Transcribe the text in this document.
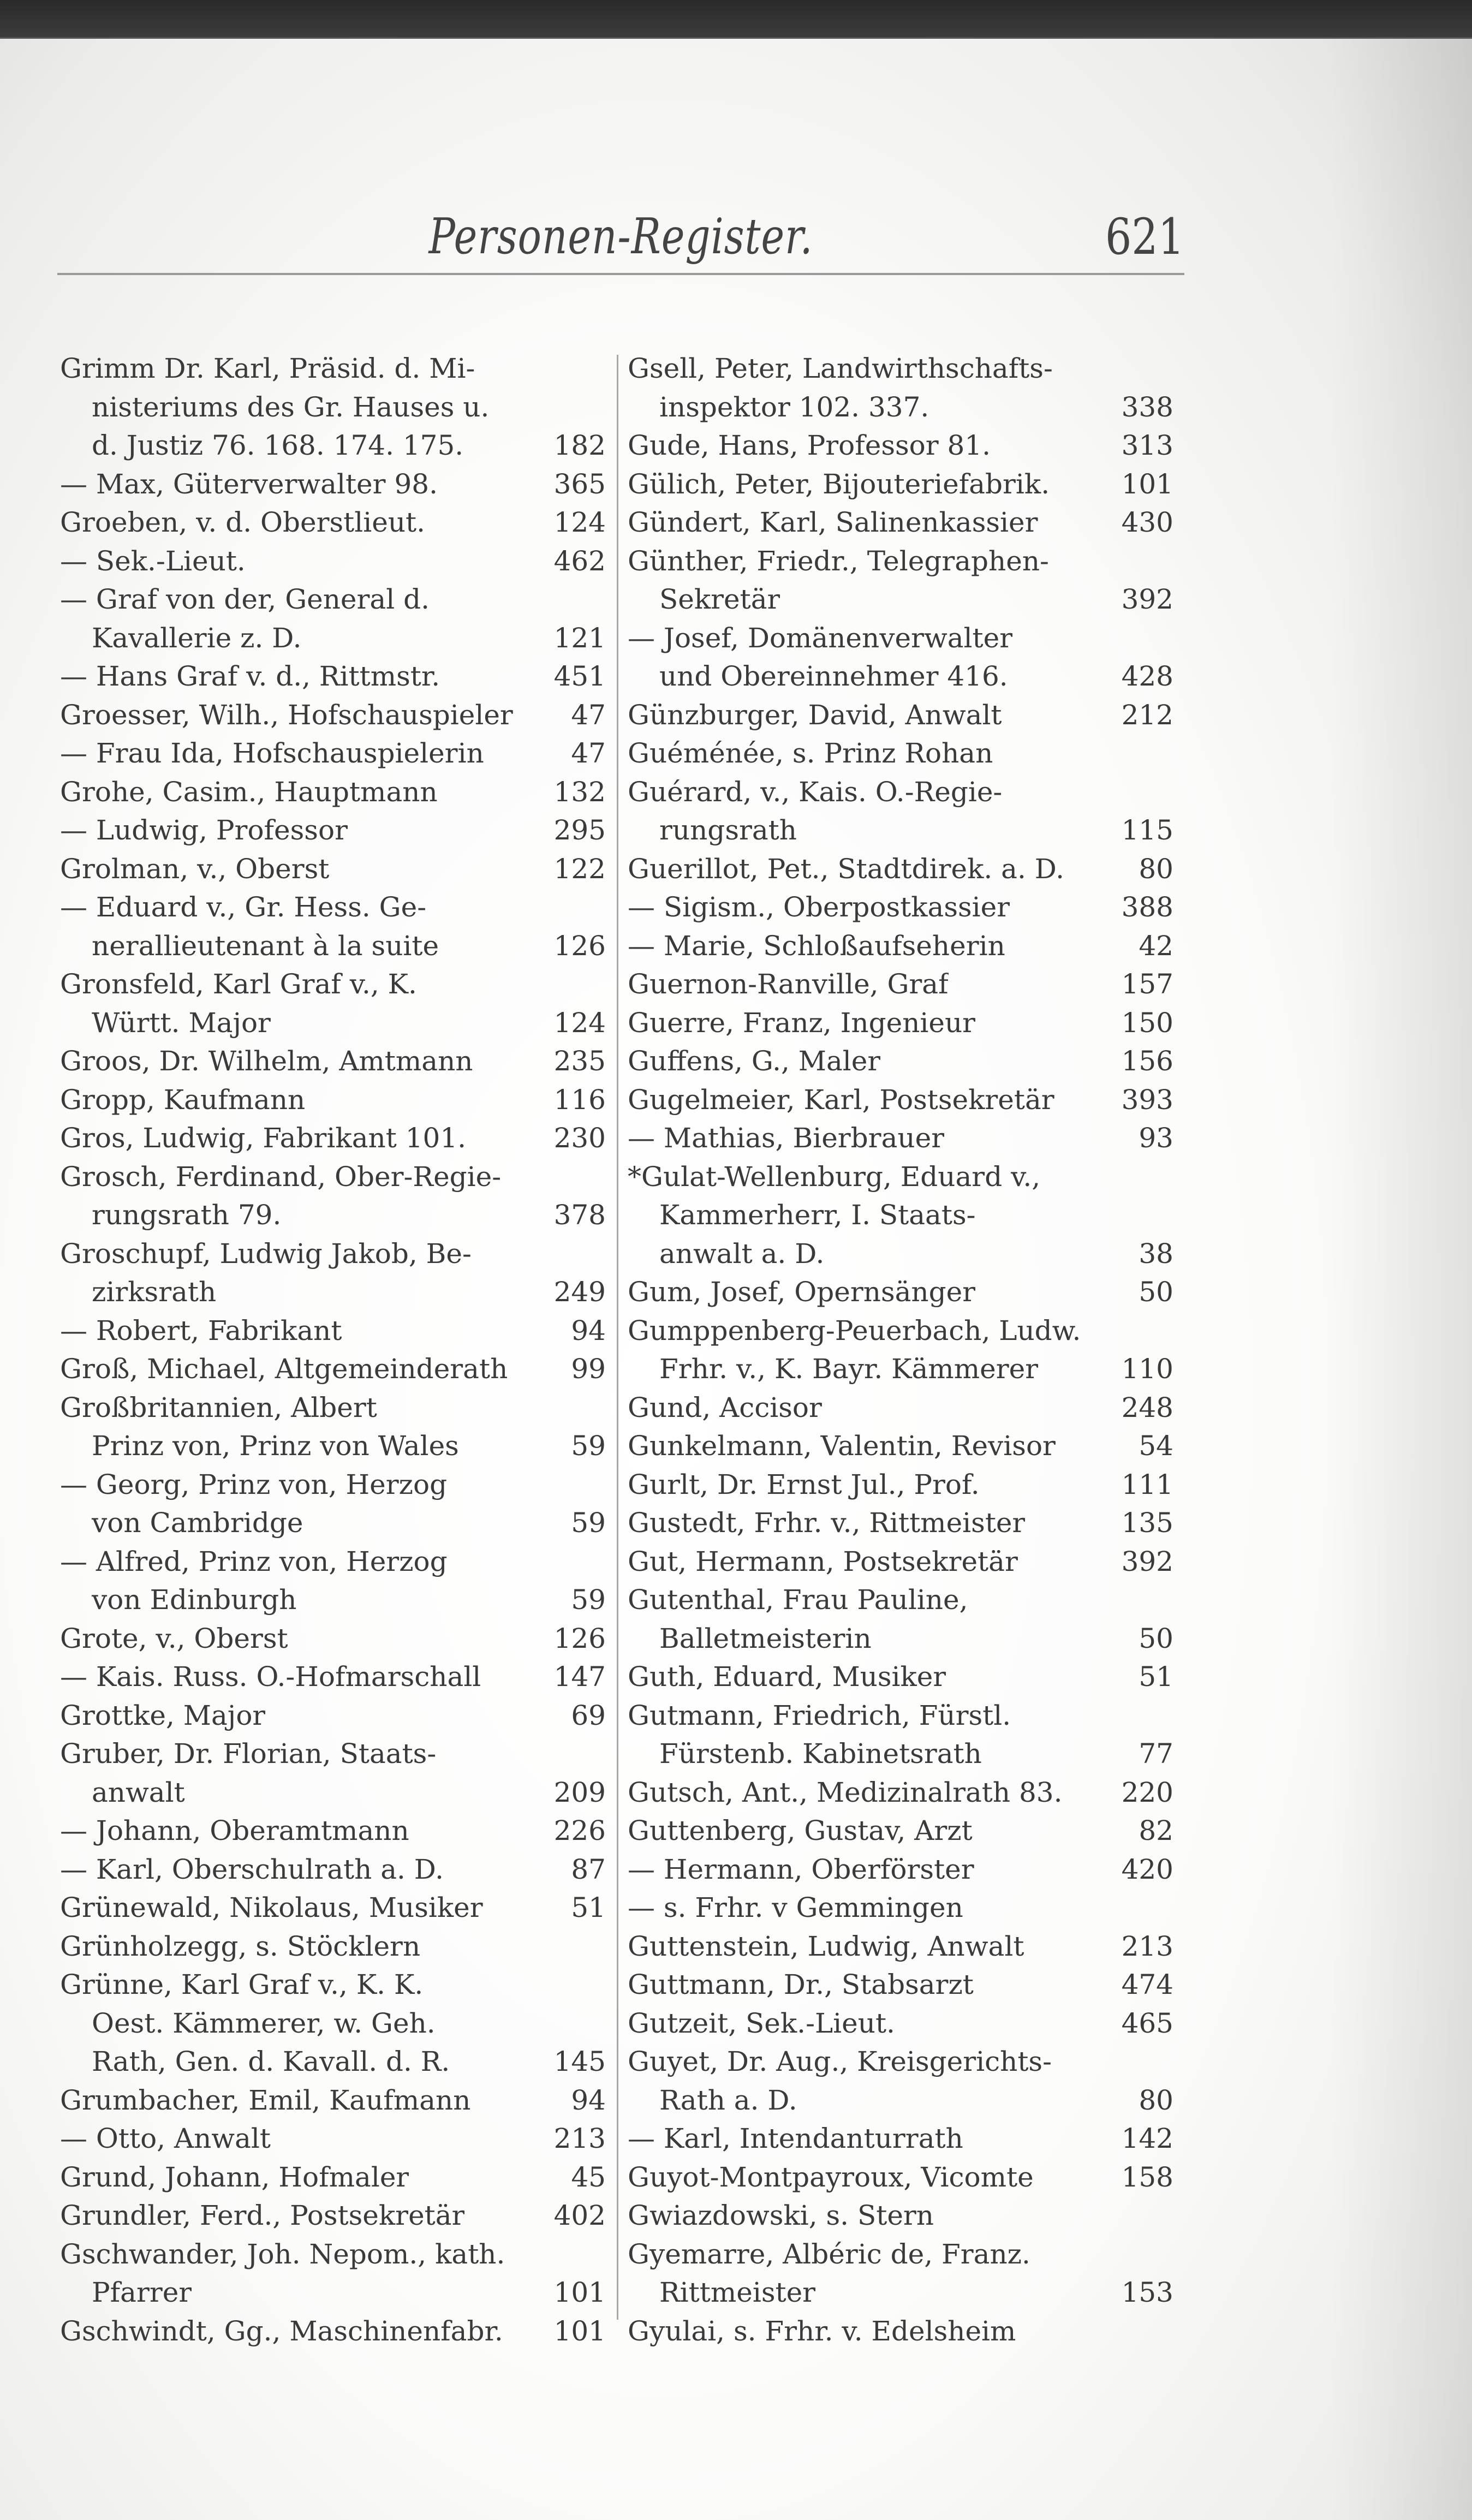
Personen-Register.	621
Grimm Dr. Karl, Präsid. d. Mi-
nisteriums des Gr. Hauses u.
d. Justiz 76. 168. 174. 175.	182
— Max, Güterverwalter 98.	365
Groeben, v. d. Oberstlieut.	124
— Sek.-Lieut.	462
— Graf von der, General d.
Kavallerie z. D.	121
— Hans Graf v. d., Rittmstr.	451
Groesser, Wilh., Hofschauspieler 47
— Frau Ida, Hofschauspielerin	47
Grohe, Casim., Hauptmann	132
— Ludwig, Professor	295
Grolman, v., Oberst	122
— Eduard v., Gr. Hess. Ge-
nerallieutenant à la suite	126
Gronsfeld, Karl Graf v., K.
Württ. Major	124
Groos, Dr. Wilhelm, Amtmann	235
Gropp, Kaufmann	116
Gros, Ludwig, Fabrikant 101.	230
Grosch, Ferdinand, Ober-Regie-
rungsrath 79.	378
Groschupf, Ludwig Jakob, Be-
zirksrath	249
— Robert, Fabrikant	94
Groß, Michael, Altgemeinderath 99
Großbritannien, Albert
Prinz von, Prinz von Wales	59
— Georg, Prinz von, Herzog
von Cambridge	59
— Alfred, Prinz von, Herzog
von Edinburgh	59
Grote, v., Oberst	126
— Kais. Russ. O.-Hofmarschall	147
Grottke, Major	69
Gruber, Dr. Florian, Staats-
anwalt	209
— Johann, Oberamtmann	226
— Karl, Oberschulrath a. D.	87
Grünewald, Nikolaus, Musiker	51
Grünholzegg, s. Stöcklern
Grünne, Karl Graf v., K. K.
Oest. Kämmerer, w. Geh.
Rath, Gen. d. Kavall. d. R.	145
Grumbacher, Emil, Kaufmann	94
— Otto, Anwalt	213
Grund, Johann, Hofmaler	45
Grundler, Ferd., Postsekretär	402
Gschwander, Joh. Nepom., kath.
Pfarrer	101
Gschwindt, Gg., Maschinenfabr. 101
Gsell, Peter, Landwirthschafts-
inspektor 102. 337.	338
Gude, Hans, Professor 81.	313
Gülich, Peter, Bijouteriefabrik.	101
Gündert, Karl, Salinenkassier	430
Günther, Friedr., Telegraphen-
Sekretär	392
— Josef, Domänenverwalter
und Obereinnehmer 416.	428
Günzburger, David, Anwalt	212
Guéménée, s. Prinz Rohan
Guérard, v., Kais. O.-Regie-
rungsrath	115
Guerillot, Pet., Stadtdirek. a. D.	80
— Sigism., Oberpostkassier	388
— Marie, Schloßaufseherin	42
Guernon-Ranville, Graf	157
Guerre, Franz, Ingenieur	150
Guffens, G., Maler	156
Gugelmeier, Karl, Postsekretär 393
— Mathias, Bierbrauer	93
*Gulat-Wellenburg, Eduard v.,
Kammerherr, I. Staats-
anwalt a. D.	38
Gum, Josef, Opernsänger	50
Gumppenberg-Peuerbach, Ludw.
Frhr. v., K. Bayr. Kämmerer	110
Gund, Accisor	248
Gunkelmann, Valentin, Revisor	54
Gurlt, Dr. Ernst Jul., Prof.	111
Gustedt, Frhr. v., Rittmeister	135
Gut, Hermann, Postsekretär	392
Gutenthal, Frau Pauline,
Balletmeisterin	50
Guth, Eduard, Musiker	51
Gutmann, Friedrich, Fürstl.
Fürstenb. Kabinetsrath	77
Gutsch, Ant., Medizinalrath 83. 220
Guttenberg, Gustav, Arzt	82
— Hermann, Oberförster	420
— s. Frhr. v Gemmingen
Guttenstein, Ludwig, Anwalt	213
Guttmann, Dr., Stabsarzt	474
Gutzeit, Sek.-Lieut.	465
Guyet, Dr. Aug., Kreisgerichts-
Rath a. D.	80
— Karl, Intendanturrath	142
Guyot-Montpayroux, Vicomte	158
Gwiazdowski, s. Stern
Gyemarre, Albéric de, Franz.
Rittmeister	153
Gyulai, s. Frhr. v. Edelsheim
